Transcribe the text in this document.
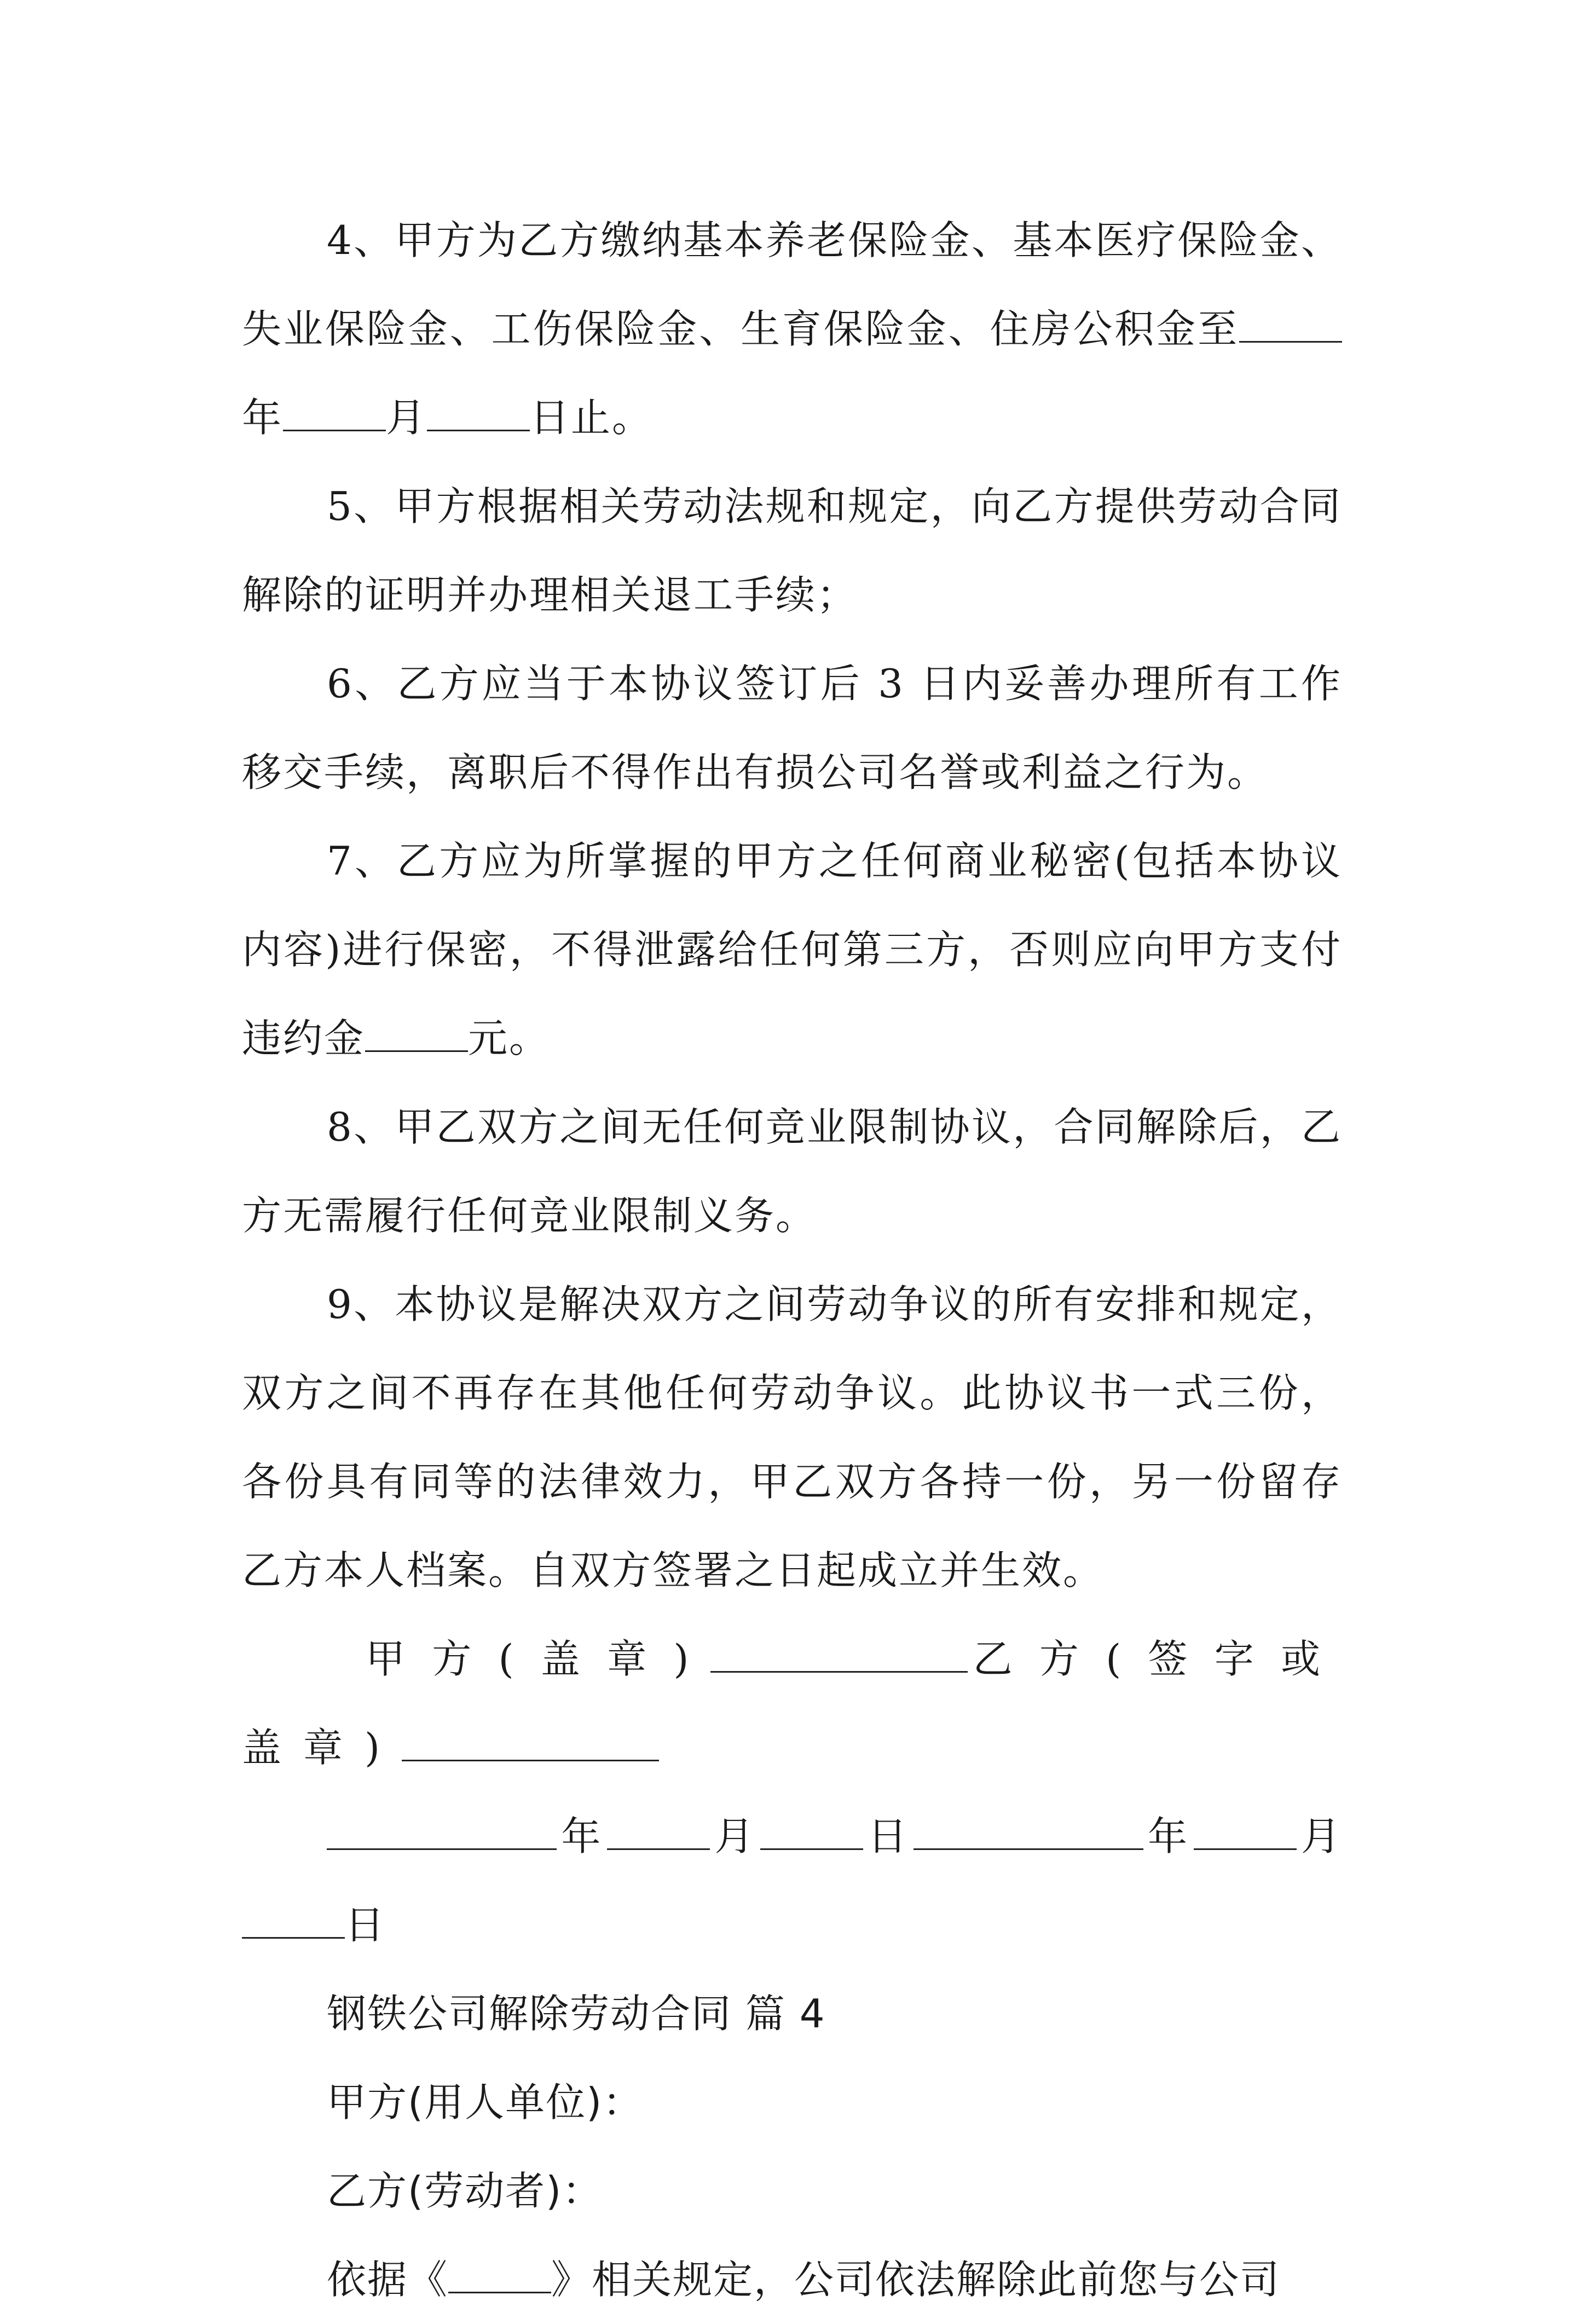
4、甲方为乙方缴纳基本养老保险金、基本医疗保险金、失业保险金、工伤保险金、生育保险金、住房公积金至年	月	日止。

5、甲方根据相关劳动法规和规定，向乙方提供劳动合同解除的证明并办理相关退工手续；

6、乙方应当于本协议签订后 3 日内妥善办理所有工作移交手续，离职后不得作出有损公司名誉或利益之行为。

7、乙方应为所掌握的甲方之任何商业秘密(包括本协议内容)进行保密，不得泄露给任何第三方，否则应向甲方支付违约金	元。

8、甲乙双方之间无任何竞业限制协议，合同解除后，乙方无需履行任何竞业限制义务。

9、本协议是解决双方之间劳动争议的所有安排和规定，双方之间不再存在其他任何劳动争议。此协议书一式三份，各份具有同等的法律效力，甲乙双方各持一份，另一份留存乙方本人档案。自双方签署之日起成立并生效。

甲方(盖章)	乙方(签字或盖章)

年	月	日	年	月日

钢铁公司解除劳动合同 篇 4

甲方(用人单位)：

乙方(劳动者)：

依据《	》相关规定，公司依法解除此前您与公司
